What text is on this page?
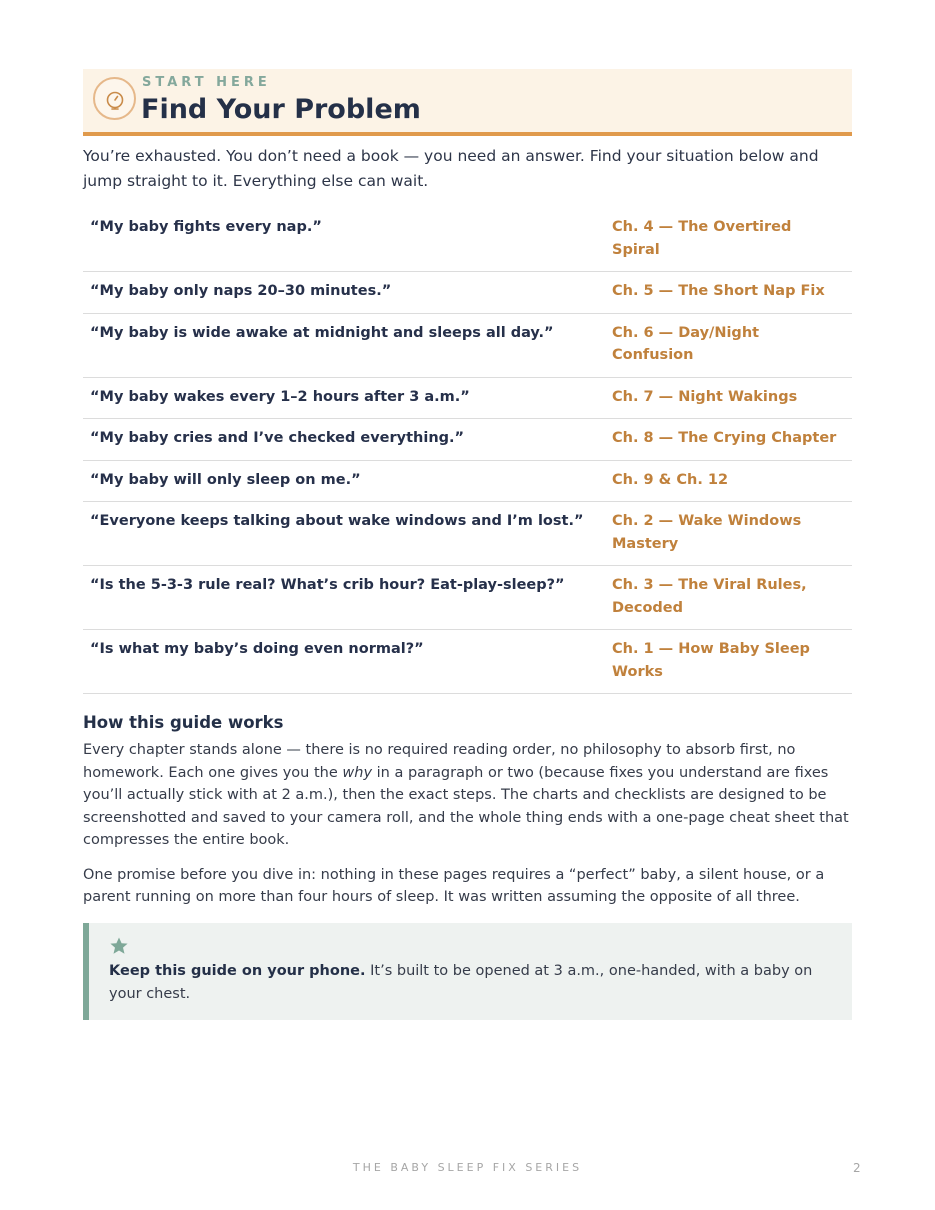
START HERE
Find Your Problem

You’re exhausted. You don’t need a book — you need an answer. Find your situation below and jump straight to it. Everything else can wait.

“My baby fights every nap.”	Ch. 4 — The Overtired Spiral
“My baby only naps 20–30 minutes.”	Ch. 5 — The Short Nap Fix
“My baby is wide awake at midnight and sleeps all day.”	Ch. 6 — Day/Night Confusion
“My baby wakes every 1–2 hours after 3 a.m.”	Ch. 7 — Night Wakings
“My baby cries and I’ve checked everything.”	Ch. 8 — The Crying Chapter
“My baby will only sleep on me.”	Ch. 9 & Ch. 12
“Everyone keeps talking about wake windows and I’m lost.”	Ch. 2 — Wake Windows Mastery
“Is the 5-3-3 rule real? What’s crib hour? Eat-play-sleep?”	Ch. 3 — The Viral Rules, Decoded
“Is what my baby’s doing even normal?”	Ch. 1 — How Baby Sleep Works
How this guide works

Every chapter stands alone — there is no required reading order, no philosophy to absorb first, no homework. Each one gives you the why in a paragraph or two (because fixes you understand are fixes you’ll actually stick with at 2 a.m.), then the exact steps. The charts and checklists are designed to be screenshotted and saved to your camera roll, and the whole thing ends with a one-page cheat sheet that compresses the entire book.

One promise before you dive in: nothing in these pages requires a “perfect” baby, a silent house, or a parent running on more than four hours of sleep. It was written assuming the opposite of all three.

Keep this guide on your phone. It’s built to be opened at 3 a.m., one-handed, with a baby on your chest.

THE BABY SLEEP FIX SERIES	2
